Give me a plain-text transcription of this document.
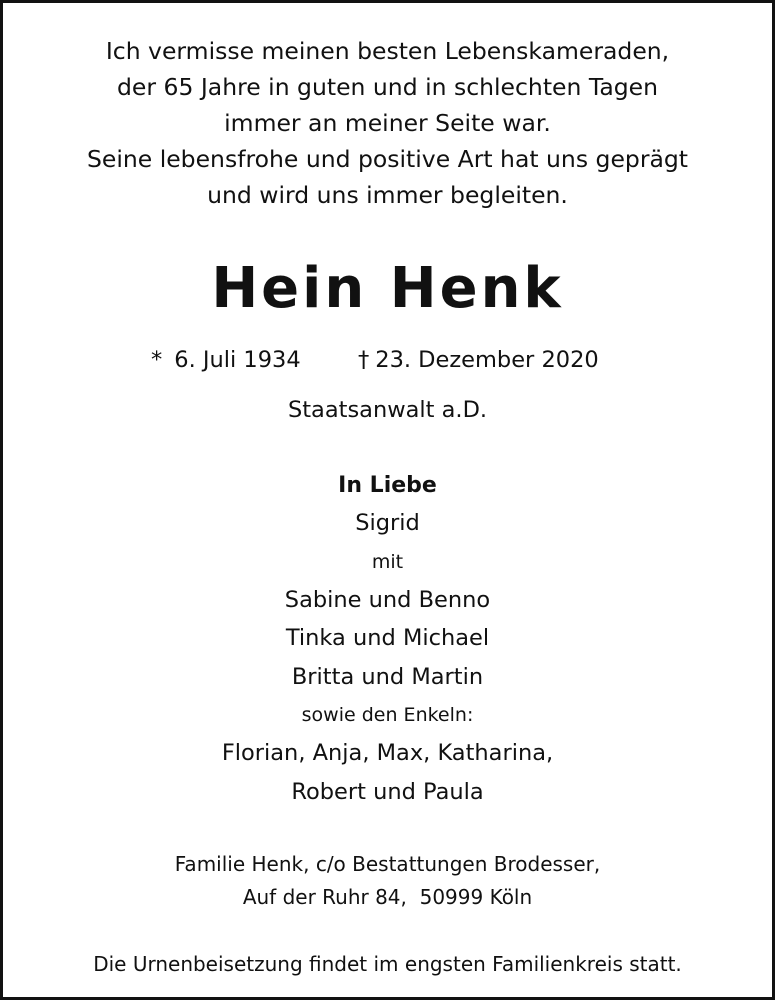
Ich vermisse meinen besten Lebenskameraden,
der 65 Jahre in guten und in schlechten Tagen
immer an meiner Seite war.
Seine lebensfrohe und positive Art hat uns geprägt
und wird uns immer begleiten.
Hein Henk
* 6. Juli 1934	† 23. Dezember 2020
Staatsanwalt a.D.
In Liebe
Sigrid
mit
Sabine und Benno
Tinka und Michael
Britta und Martin
sowie den Enkeln:
Florian, Anja, Max, Katharina,
Robert und Paula
Familie Henk, c/o Bestattungen Brodesser,
Auf der Ruhr 84,  50999 Köln
Die Urnenbeisetzung findet im engsten Familienkreis statt.
